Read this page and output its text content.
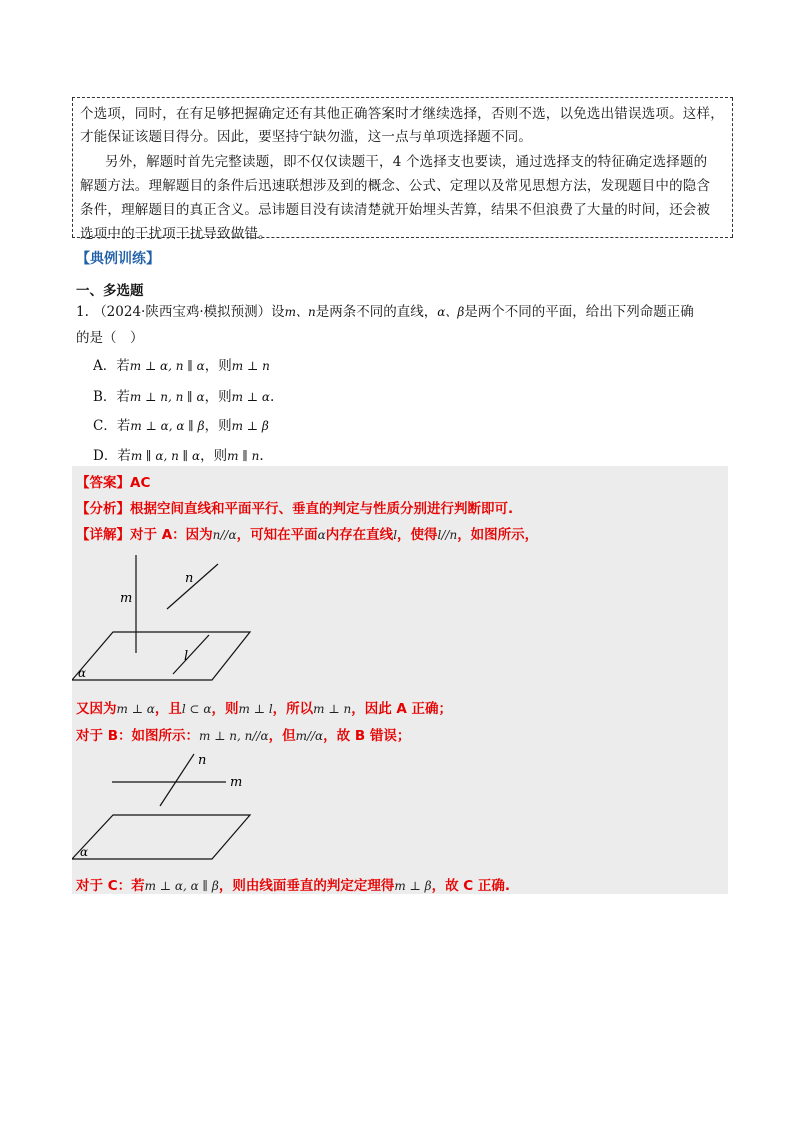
个选项，同时，在有足够把握确定还有其他正确答案时才继续选择，否则不选，以免选出错误选项。这样，
才能保证该题目得分。因此，要坚持宁缺勿滥，这一点与单项选择题不同。
另外，解题时首先完整读题，即不仅仅读题干，4 个选择支也要读，通过选择支的特征确定选择题的
解题方法。理解题目的条件后迅速联想涉及到的概念、公式、定理以及常见思想方法，发现题目中的隐含
条件，理解题目的真正含义。忌讳题目没有读清楚就开始埋头苦算，结果不但浪费了大量的时间，还会被
选项中的干扰项干扰导致做错。
【典例训练】
一、多选题
1. （2024·陕西宝鸡·模拟预测）设m、n是两条不同的直线，α、β是两个不同的平面，给出下列命题正确
的是（　）
A．若m ⊥ α, n ∥ α，则m ⊥ n
B．若m ⊥ n, n ∥ α，则m ⊥ α.
C．若m ⊥ α, α ∥ β，则m ⊥ β
D．若m ∥ α, n ∥ α，则m ∥ n.
【答案】AC
【分析】根据空间直线和平面平行、垂直的判定与性质分别进行判断即可.
【详解】对于 A：因为n//α，可知在平面α内存在直线l，使得l//n，如图所示，
m
n
l
α
又因为m ⊥ α，且l ⊂ α，则m ⊥ l，所以m ⊥ n，因此 A 正确；
对于 B：如图所示：m ⊥ n, n//α，但m//α，故 B 错误；
n
m
α
对于 C：若m ⊥ α, α ∥ β，则由线面垂直的判定定理得m ⊥ β，故 C 正确.
